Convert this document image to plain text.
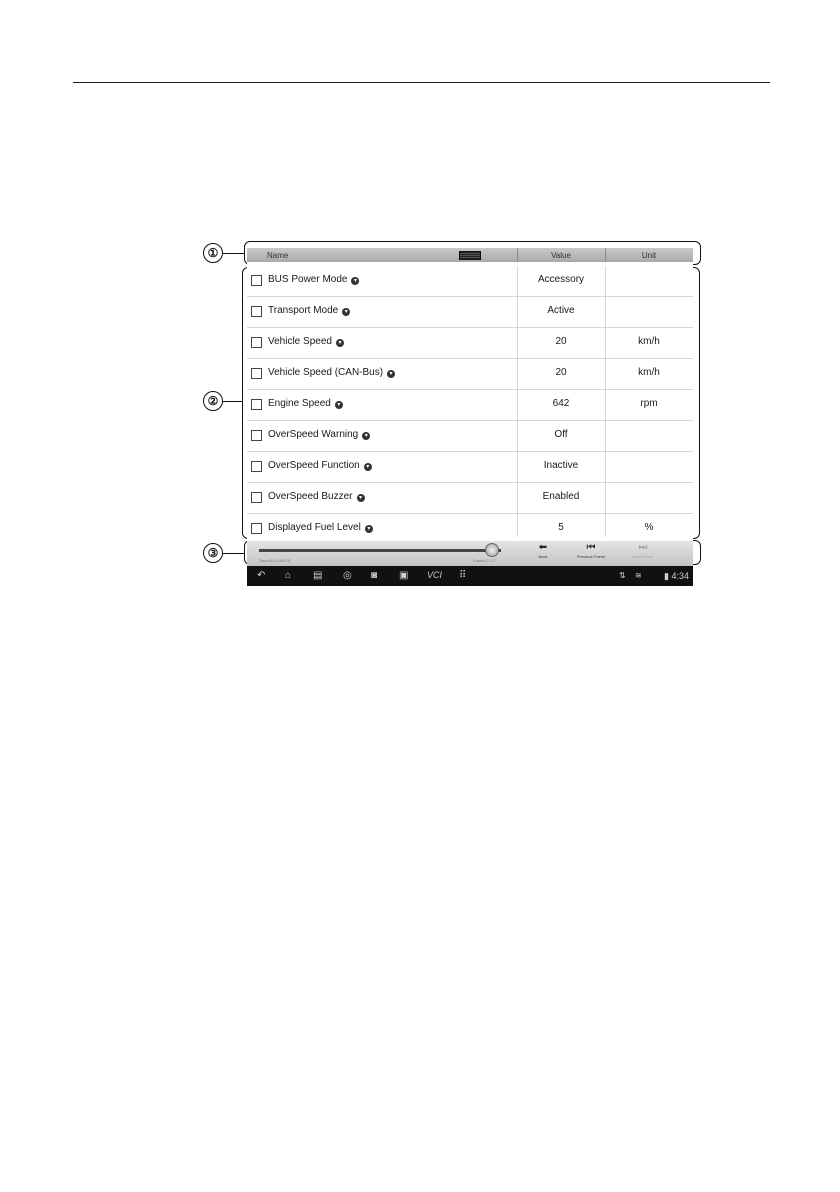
①
②
③
Name	Value	Unit
BUS Power Mode ▾	Accessory
Transport Mode ▾	Active
Vehicle Speed ▾	20	km/h
Vehicle Speed (CAN-Bus) ▾	20	km/h
Engine Speed ▾	642	rpm
OverSpeed Warning ▾	Off
OverSpeed Function ▾	Inactive
OverSpeed Buzzer ▾	Enabled
Displayed Fuel Level ▾	5	%
Time:00:14:00:15	Frame 2 / 17
⬅
Back
⏮
Previous Frame
⏭
Next Frame
↶ ⌂ ▤ ◎ ◙ ▣ VCI ⠿	⇅ ≋ ▮ 4:34
